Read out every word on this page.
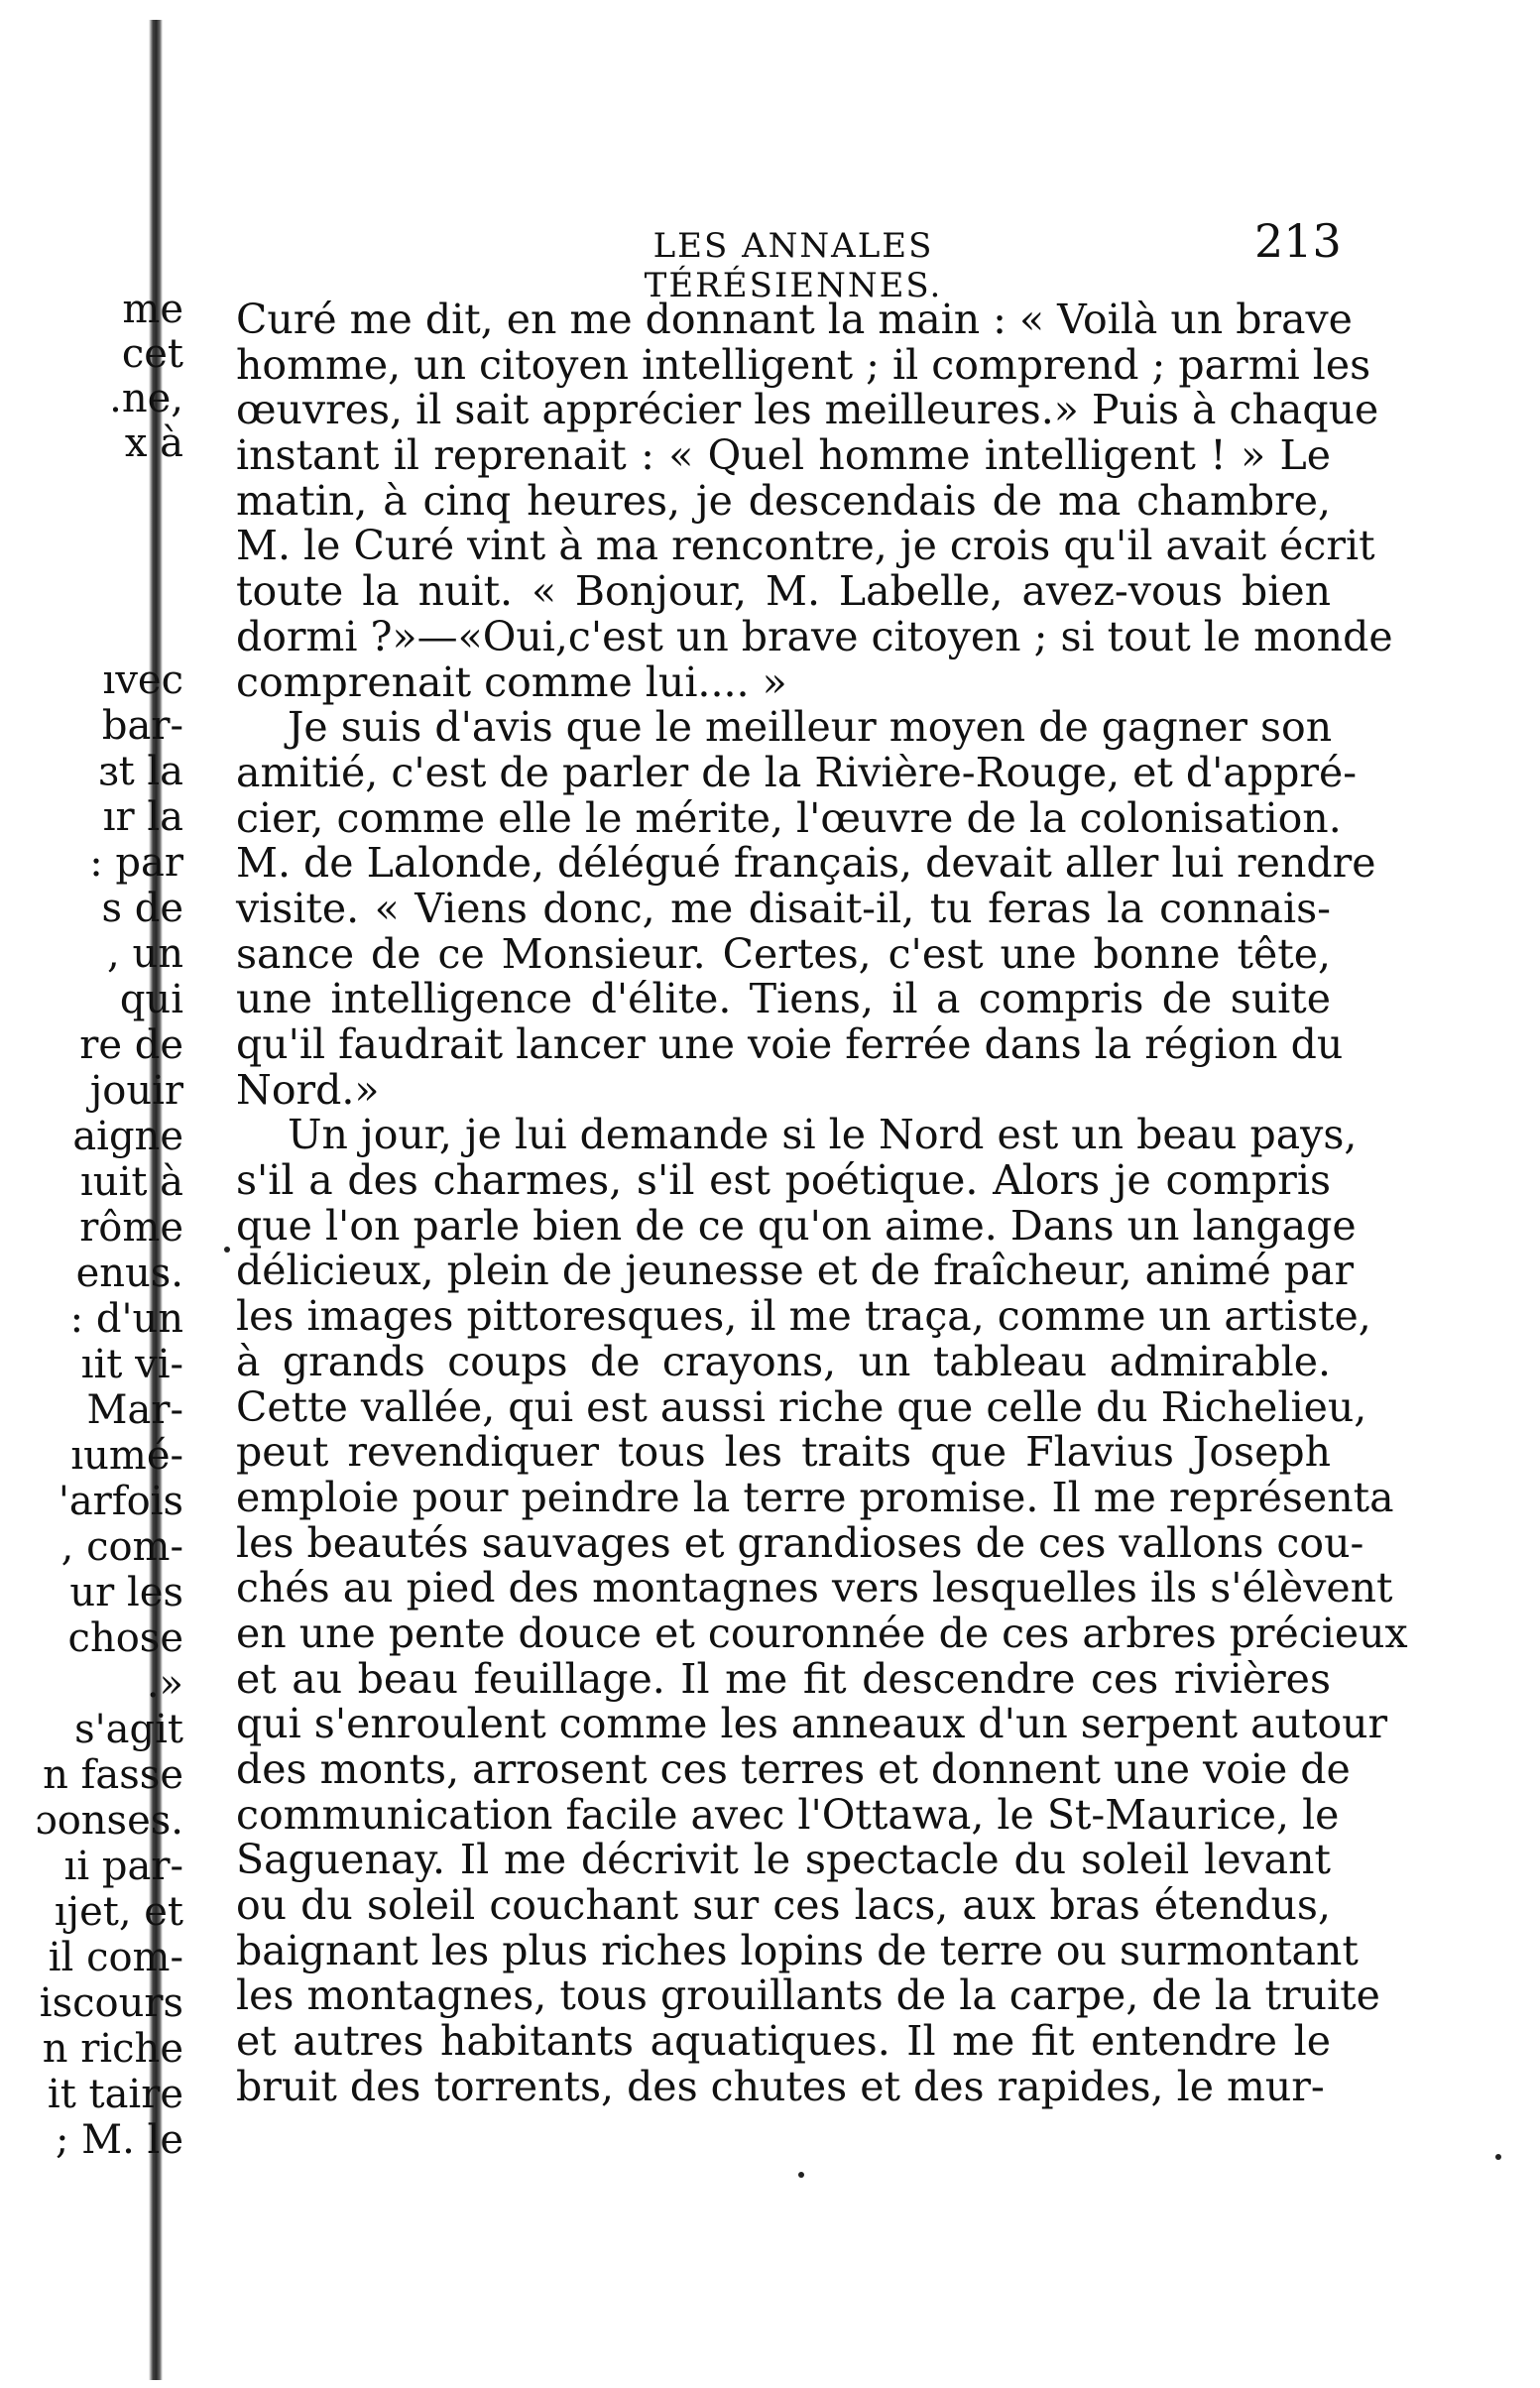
me
cet
.ne,
x à
ıvec
bar-
ɜt la
ır la
: par
s de
, un
qui
re de
jouir
aigne
ıuit à
rôme
enus.
: d'un
ıit vi-
Mar-
ıumé-
'arfois
, com-
ur les
chose
.»
s'agit
n fasse
ɔonses.
ıi par-
ıjet, et
il com-
iscours
n riche
it taire
; M. le
LES ANNALES TÉRÉSIENNES.
213
Curé me dit, en me donnant la main : « Voilà un brave
homme, un citoyen intelligent ; il comprend ; parmi les
œuvres, il sait apprécier les meilleures.» Puis à chaque
instant il reprenait : « Quel homme intelligent ! » Le
matin, à cinq heures, je descendais de ma chambre,
M. le Curé vint à ma rencontre, je crois qu'il avait écrit
toute la nuit. « Bonjour, M. Labelle, avez-vous bien
dormi ?»—«Oui,c'est un brave citoyen ; si tout le monde
comprenait comme lui.... »
Je suis d'avis que le meilleur moyen de gagner son
amitié, c'est de parler de la Rivière-Rouge, et d'appré-
cier, comme elle le mérite, l'œuvre de la colonisation.
M. de Lalonde, délégué français, devait aller lui rendre
visite. « Viens donc, me disait-il, tu feras la connais-
sance de ce Monsieur. Certes, c'est une bonne tête,
une intelligence d'élite. Tiens, il a compris de suite
qu'il faudrait lancer une voie ferrée dans la région du
Nord.»
Un jour, je lui demande si le Nord est un beau pays,
s'il a des charmes, s'il est poétique. Alors je compris
que l'on parle bien de ce qu'on aime. Dans un langage
délicieux, plein de jeunesse et de fraîcheur, animé par
les images pittoresques, il me traça, comme un artiste,
à grands coups de crayons, un tableau admirable.
Cette vallée, qui est aussi riche que celle du Richelieu,
peut revendiquer tous les traits que Flavius Joseph
emploie pour peindre la terre promise. Il me représenta
les beautés sauvages et grandioses de ces vallons cou-
chés au pied des montagnes vers lesquelles ils s'élèvent
en une pente douce et couronnée de ces arbres précieux
et au beau feuillage. Il me fit descendre ces rivières
qui s'enroulent comme les anneaux d'un serpent autour
des monts, arrosent ces terres et donnent une voie de
communication facile avec l'Ottawa, le St-Maurice, le
Saguenay. Il me décrivit le spectacle du soleil levant
ou du soleil couchant sur ces lacs, aux bras étendus,
baignant les plus riches lopins de terre ou surmontant
les montagnes, tous grouillants de la carpe, de la truite
et autres habitants aquatiques. Il me fit entendre le
bruit des torrents, des chutes et des rapides, le mur-
